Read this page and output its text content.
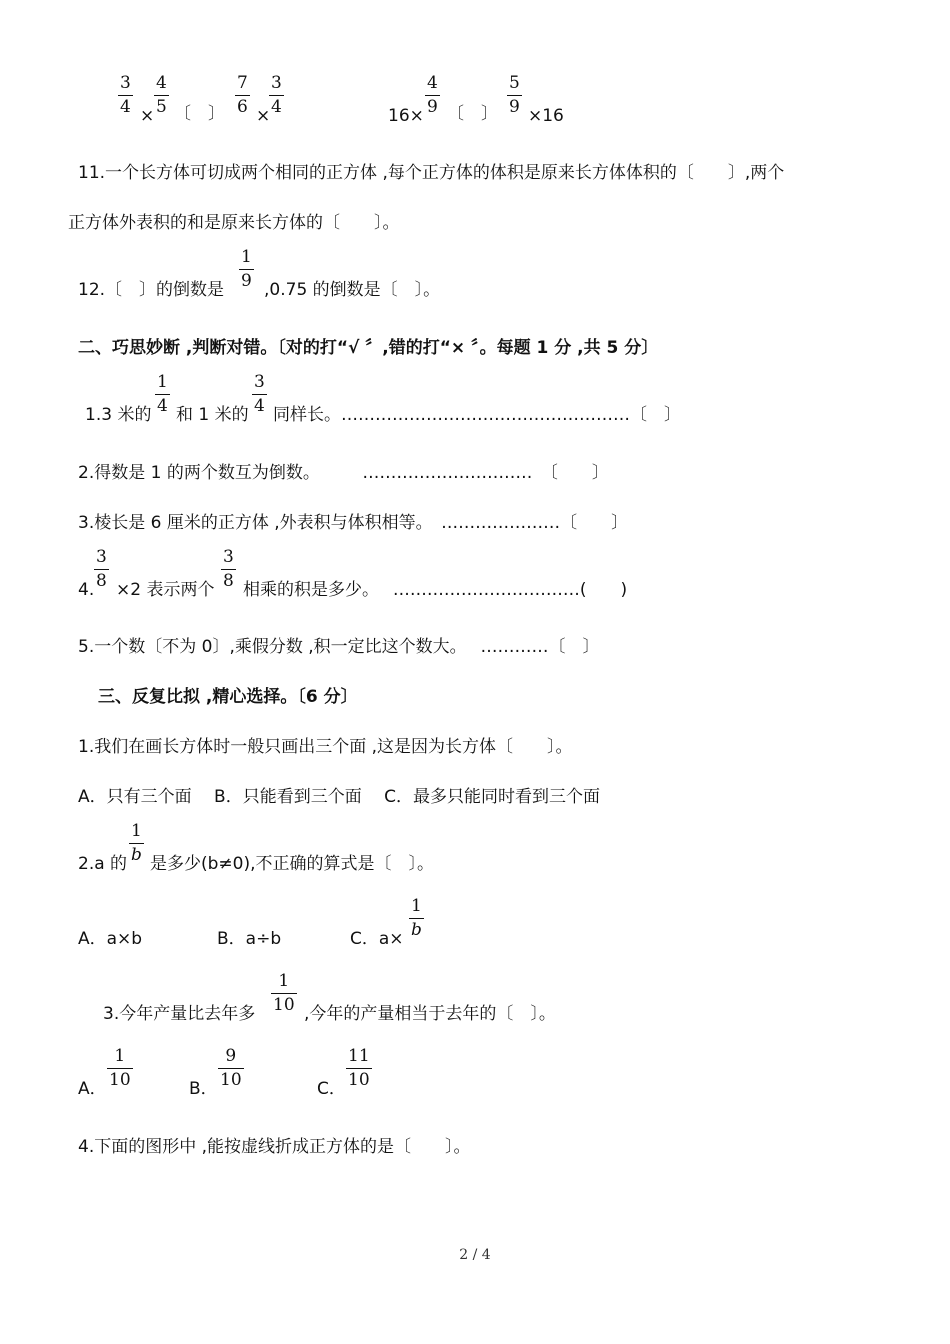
3
4 ×
4
5 〔　〕
7
6 ×
3
4	16×
4
9 〔　〕
5
9 ×16
11.一个长方体可切成两个相同的正方体 ,每个正方体的体积是原来长方体体积的〔　　〕,两个
正方体外表积的和是原来长方体的〔　　〕。
12.〔　〕的倒数是
1
9 ,0.75 的倒数是〔　〕。
二、巧思妙断 ,判断对错。〔对的打“√ 〞,错的打“× 〞。每题 1 分 ,共 5 分〕
1.3 米的
1
4 和 1 米的
3
4 同样长。……………………………………………〔　〕
2.得数是 1 的两个数互为倒数。　　　…………………………　〔　　〕
3.棱长是 6 厘米的正方体 ,外表积与体积相等。　…………………〔　　〕
4.
3
8 ×2 表示两个
3
8 相乘的积是多少。　 ……………………………(　　)
5.一个数〔不为 0〕,乘假分数 ,积一定比这个数大。　 …………〔　〕
三、反复比拟 ,精心选择。〔6 分〕
1.我们在画长方体时一般只画出三个面 ,这是因为长方体〔　　〕。
A．只有三个面　 B．只能看到三个面　 C．最多只能同时看到三个面
2.a 的
1
b 是多少(b≠0),不正确的算式是〔　〕。
A．a×b	B．a÷b	C．a×
1
b
3.今年产量比去年多
1
10 ,今年的产量相当于去年的〔　〕。
A．
1
10	B．
9
10	C．
11
10
4.下面的图形中 ,能按虚线折成正方体的是〔　　〕。
2 / 4
